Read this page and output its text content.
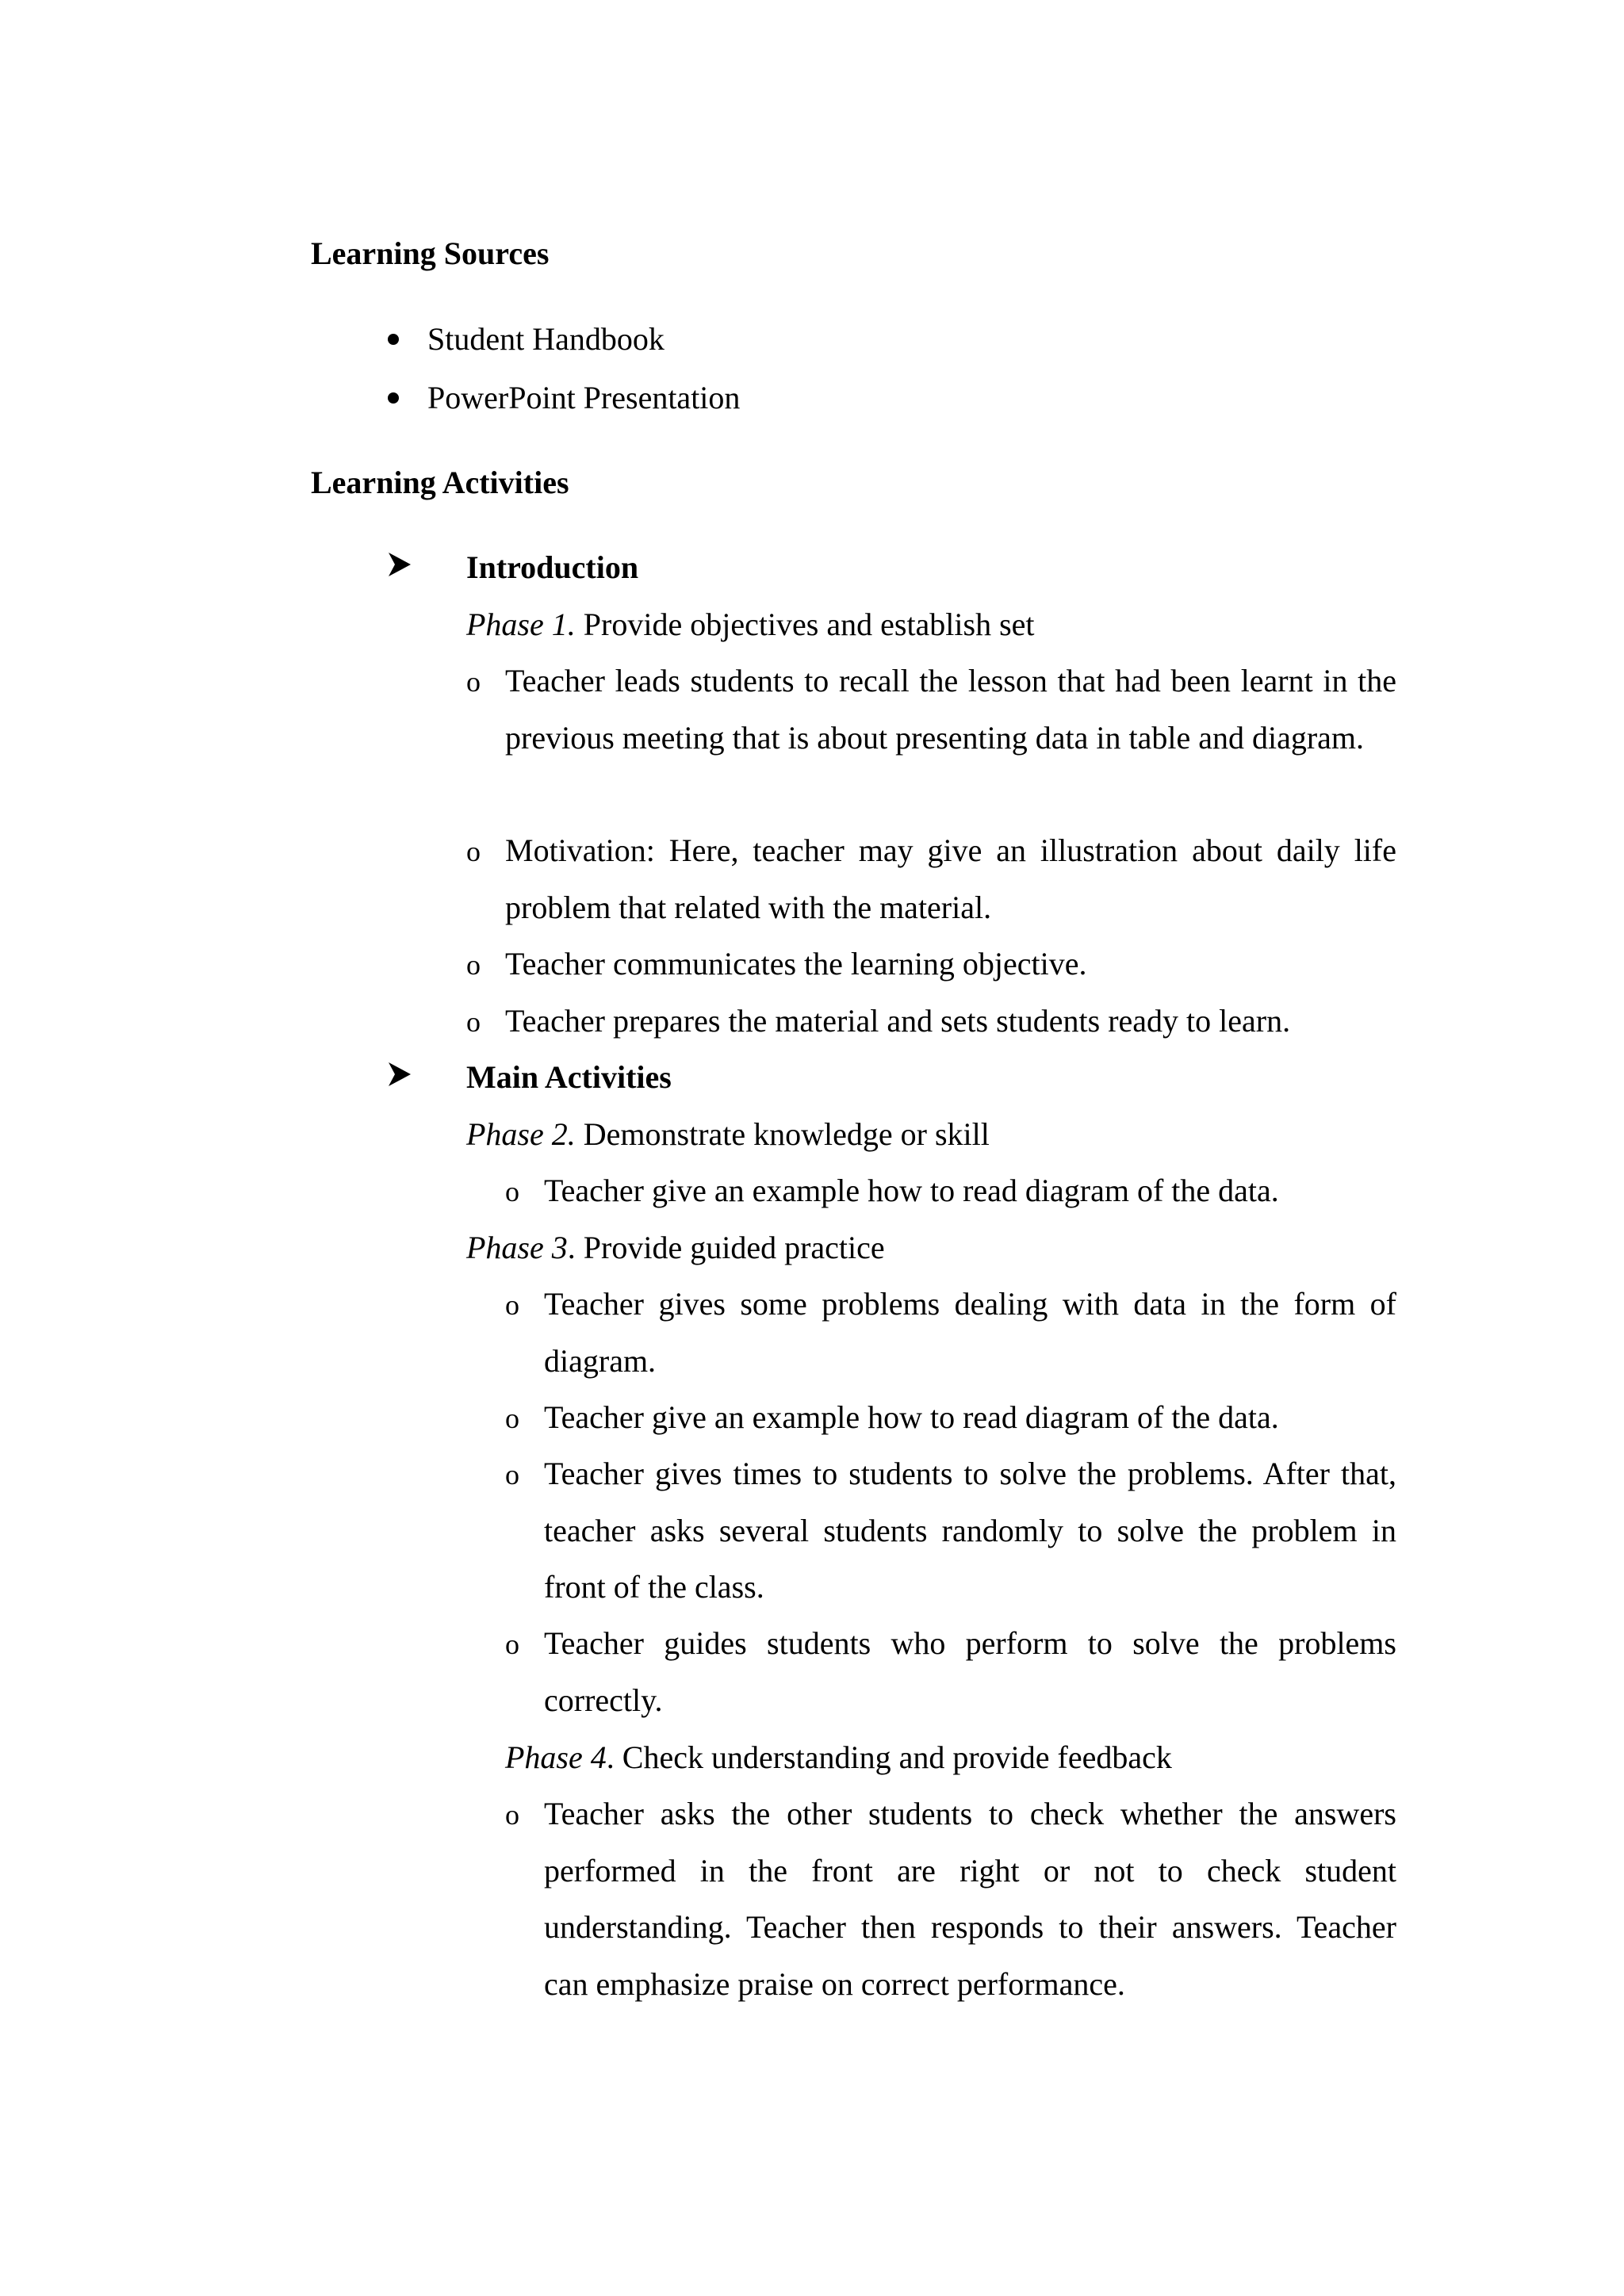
Learning Sources
Student Handbook
PowerPoint Presentation
Learning Activities
Introduction
Phase 1. Provide objectives and establish set
o Teacher leads students to recall the lesson that had been learnt in the previous meeting that is about presenting data in table and diagram.
o Motivation: Here, teacher may give an illustration about daily life problem that related with the material.
o Teacher communicates the learning objective.
o Teacher prepares the material and sets students ready to learn.
Main Activities
Phase 2. Demonstrate knowledge or skill
o Teacher give an example how to read diagram of the data.
Phase 3. Provide guided practice
o Teacher gives some problems dealing with data in the form of diagram.
o Teacher give an example how to read diagram of the data.
o Teacher gives times to students to solve the problems. After that, teacher asks several students randomly to solve the problem in front of the class.
o Teacher guides students who perform to solve the problems correctly.
Phase 4. Check understanding and provide feedback
o Teacher asks the other students to check whether the answers performed in the front are right or not to check student understanding. Teacher then responds to their answers. Teacher can emphasize praise on correct performance.
